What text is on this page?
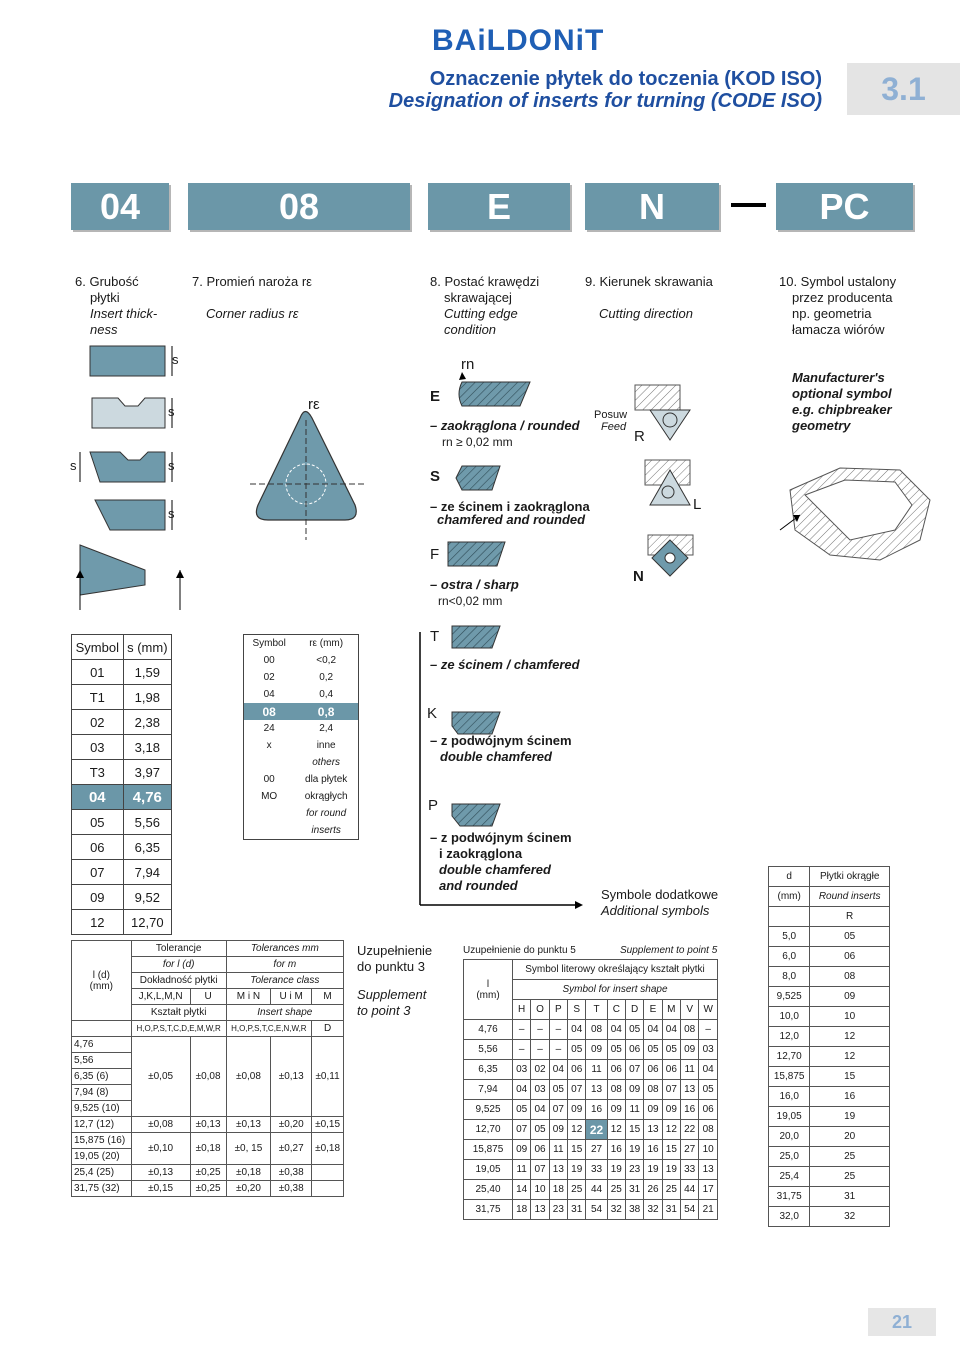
BAiLDONiT
Oznaczenie płytek do toczenia (KOD ISO)
Designation of inserts for turning (CODE ISO)	3.1
04	08	E	N	PC
6. Grubość
płytki
Insert thick-
ness
7. Promień naroża rε
Corner radius rε
8. Postać krawędzi
skrawającej
Cutting edge
condition
9. Kierunek skrawania
Cutting direction
10. Symbol ustalony
przez producenta
np. geometria
łamacza wiórów
s
s
s	s
s
rε
rn
E
– zaokrąglona / rounded
rn ≥ 0,02 mm
S
– ze ścinem i zaokrąglona
chamfered and rounded
F
– ostra / sharp
rn<0,02 mm
Posuw
Feed
R
L
N
Manufacturer's
optional symbol
e.g. chipbreaker
geometry
T
– ze ścinem / chamfered
K
– z podwójnym ścinem
double chamfered
P
– z podwójnym ścinem
i zaokrąglona
double chamfered
and rounded
Symbole dodatkowe
Additional symbols
Symbol	s (mm)
01	1,59
T1	1,98
02	2,38
03	3,18
T3	3,97
04	4,76
05	5,56
06	6,35
07	7,94
09	9,52
12	12,70
Symbol	rε (mm)
00	<0,2
02	0,2
04	0,4
08	0,8
24	2,4
x	inne
	others
00	dla płytek
MO	okrągłych
	for round
	inserts
l (d)
(mm)	Tolerancje		Tolerances mm		
	for l (d)		for m		
	Dokładność płytki		Tolerance class		
	J,K,L,M,N	U	M i N	U i M	M
	Kształt płytki		Insert shape		
	H,O,P,S,T,C,D,E,M,W,R		H,O,P,S,T,C,E,N,W,R		D
4,76	±0,05	±0,08	±0,08	±0,13	±0,11
5,56					
6,35 (6)					
7,94 (8)					
9,525 (10)					
12,7 (12)	±0,08	±0,13	±0,13	±0,20	±0,15
15,875 (16)	±0,10	±0,18	±0, 15	±0,27	±0,18
19,05 (20)					
25,4 (25)	±0,13	±0,25	±0,18	±0,38	
31,75 (32)	±0,15	±0,25	±0,20	±0,38	
Uzupełnienie
do punktu 3
Supplement
to point 3
Uzupełnienie do punktu 5	Supplement to point 5
l
(mm)	Symbol literowy określający kształt płytki										
	Symbol for insert shape										
	H	O	P	S	T	C	D	E	M	V	W
4,76	–	–	–	04	08	04	05	04	04	08	–
5,56	–	–	–	05	09	05	06	05	05	09	03
6,35	03	02	04	06	11	06	07	06	06	11	04
7,94	04	03	05	07	13	08	09	08	07	13	05
9,525	05	04	07	09	16	09	11	09	09	16	06
12,70	07	05	09	12	22	12	15	13	12	22	08
15,875	09	06	11	15	27	16	19	16	15	27	10
19,05	11	07	13	19	33	19	23	19	19	33	13
25,40	14	10	18	25	44	25	31	26	25	44	17
31,75	18	13	23	31	54	32	38	32	31	54	21
d	Płytki okrągłe
(mm)	Round inserts
	R
5,0	05
6,0	06
8,0	08
9,525	09
10,0	10
12,0	12
12,70	12
15,875	15
16,0	16
19,05	19
20,0	20
25,0	25
25,4	25
31,75	31
32,0	32
21
